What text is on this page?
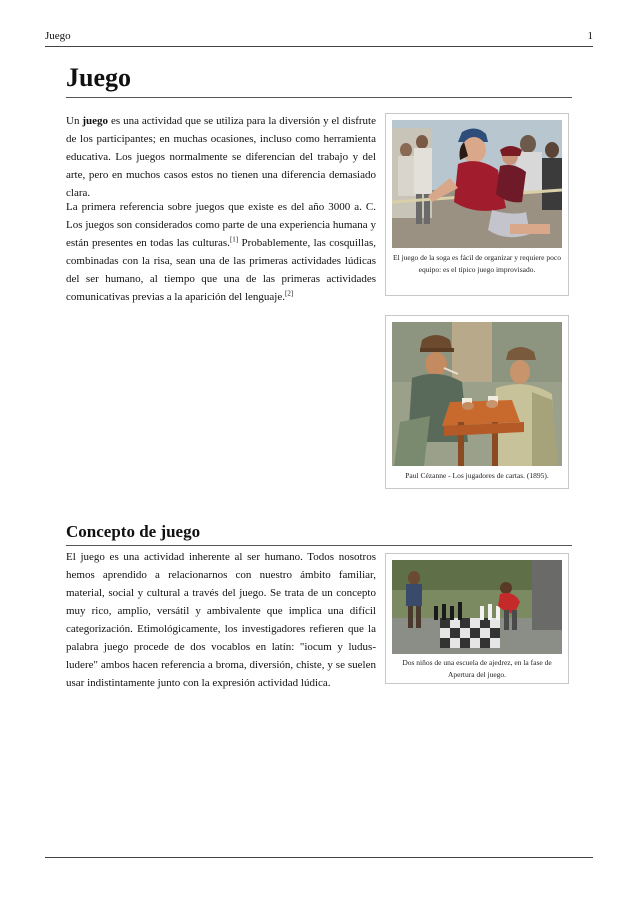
Juego	1
Juego

Un juego es una actividad que se utiliza para la diversión y el disfrute de los participantes; en muchas ocasiones, incluso como herramienta educativa. Los juegos normalmente se diferencian del trabajo y del arte, pero en muchos casos estos no tienen una diferencia demasiado clara.

La primera referencia sobre juegos que existe es del año 3000 a. C. Los juegos son considerados como parte de una experiencia humana y están presentes en todas las culturas.[1] Probablemente, las cosquillas, combinadas con la risa, sean una de las primeras actividades lúdicas del ser humano, al tiempo que una de las primeras actividades comunicativas previas a la aparición del lenguaje.[2]

Concepto de juego

El juego es una actividad inherente al ser humano. Todos nosotros hemos aprendido a relacionarnos con nuestro ámbito familiar, material, social y cultural a través del juego. Se trata de un concepto muy rico, amplio, versátil y ambivalente que implica una difícil categorización. Etimológicamente, los investigadores refieren que la palabra juego procede de dos vocablos en latín: "iocum y ludus-ludere" ambos hacen referencia a broma, diversión, chiste, y se suelen usar indistintamente junto con la expresión actividad lúdica.

El juego de la soga es fácil de organizar y requiere poco equipo: es el típico juego improvisado.
Paul Cézanne - Los jugadores de cartas. (1895).
Dos niños de una escuela de ajedrez, en la fase de Apertura del juego.
